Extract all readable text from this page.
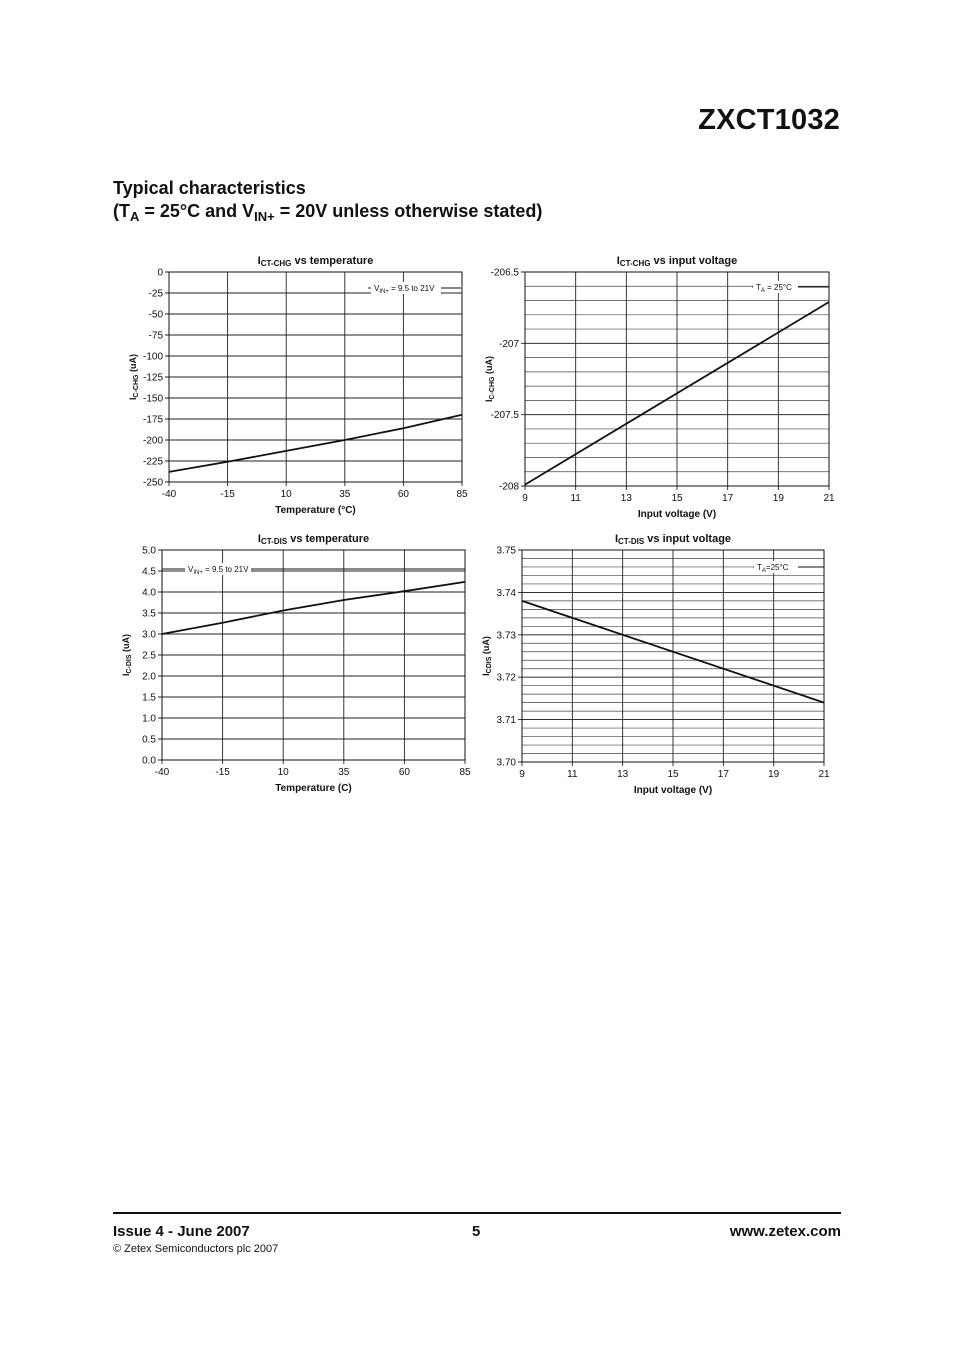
ZXCT1032
Typical characteristics
($T_A = 25^\circ C$ and $V_{IN+} = 20V$ unless otherwise stated)
0
-25
-50
-75
-100
-125
-150
-175
-200
-225
-250
-40	-15	10	35	60	85
$V_{IN+} = 9.5$ to 21V
ICT-CHG vs temperature
Temperature (°C)
$I_{C-CHG}$ (uA)
-206.5
-207
-207.5
-208
9	11	13	15	17	19	21
$T_A = 25^\circ C$
ICT-CHG vs input voltage
Input voltage (V)
$I_{C-CHG}$ (uA)
5.0
4.5
4.0
3.5
3.0
2.5
2.0
1.5
1.0
0.5
0.0
-40	-15	10	35	60	85
$V_{IN+} = 9.5$ to 21V
ICT-DIS vs temperature
Temperature (C)
$I_{C-DIS}$ (uA)
3.75
3.74
3.73
3.72
3.71
3.70
9	11	13	15	17	19	21
$T_A=25^\circ C$
ICT-DIS vs input voltage
Input voltage (V)
$I_{CDIS}$ (uA)
Issue 4 - June 2007	5	www.zetex.com
© Zetex Semiconductors plc 2007
